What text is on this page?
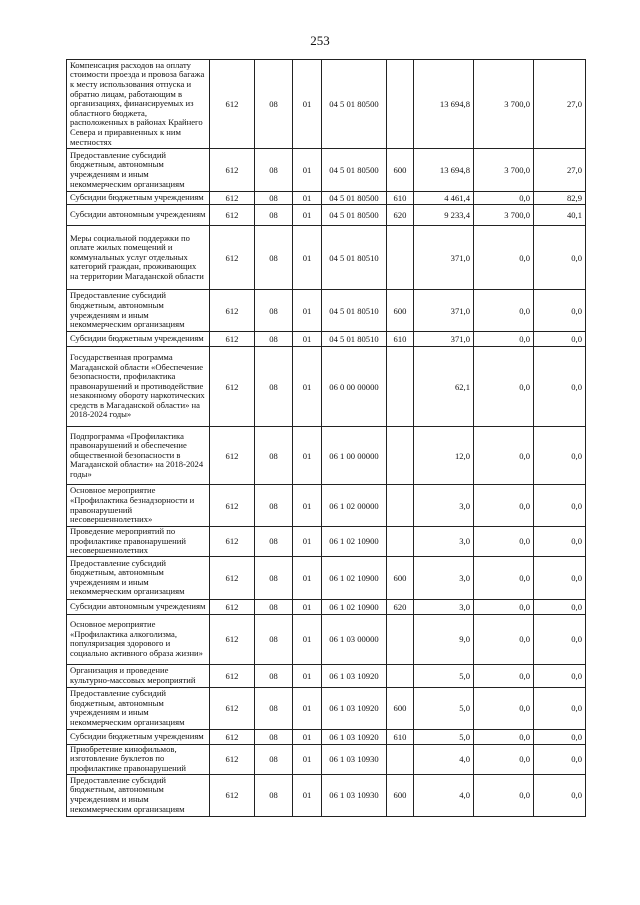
253
Компенсация расходов на оплату стоимости проезда и провоза багажа к месту использования отпуска и обратно лицам, работающим в организациях, финансируемых из областного бюджета, расположенных в районах Крайнего Севера и приравненных к ним местностях	612	08	01	04 5 01 80500		13 694,8	3 700,0	27,0
Предоставление субсидий бюджетным, автономным учреждениям и иным некоммерческим организациям	612	08	01	04 5 01 80500	600	13 694,8	3 700,0	27,0
Субсидии бюджетным учреждениям	612	08	01	04 5 01 80500	610	4 461,4	0,0	82,9
Субсидии автономным учреждениям	612	08	01	04 5 01 80500	620	9 233,4	3 700,0	40,1
Меры социальной поддержки по оплате жилых помещений и коммунальных услуг отдельных категорий граждан, проживающих на территории Магаданской области	612	08	01	04 5 01 80510		371,0	0,0	0,0
Предоставление субсидий бюджетным, автономным учреждениям и иным некоммерческим организациям	612	08	01	04 5 01 80510	600	371,0	0,0	0,0
Субсидии бюджетным учреждениям	612	08	01	04 5 01 80510	610	371,0	0,0	0,0
Государственная программа Магаданской области «Обеспечение безопасности, профилактика правонарушений и противодействие незаконному обороту наркотических средств в Магаданской области» на 2018-2024 годы»	612	08	01	06 0 00 00000		62,1	0,0	0,0
Подпрограмма «Профилактика правонарушений и обеспечение общественной безопасности в Магаданской области» на 2018-2024 годы»	612	08	01	06 1 00 00000		12,0	0,0	0,0
Основное мероприятие «Профилактика безнадзорности и правонарушений несовершеннолетних»	612	08	01	06 1 02 00000		3,0	0,0	0,0
Проведение мероприятий по профилактике правонарушений несовершеннолетних	612	08	01	06 1 02 10900		3,0	0,0	0,0
Предоставление субсидий бюджетным, автономным учреждениям и иным некоммерческим организациям	612	08	01	06 1 02 10900	600	3,0	0,0	0,0
Субсидии автономным учреждениям	612	08	01	06 1 02 10900	620	3,0	0,0	0,0
Основное мероприятие «Профилактика алкоголизма, популяризация здорового и социально активного образа жизни»	612	08	01	06 1 03 00000		9,0	0,0	0,0
Организация и проведение культурно-массовых мероприятий	612	08	01	06 1 03 10920		5,0	0,0	0,0
Предоставление субсидий бюджетным, автономным учреждениям и иным некоммерческим организациям	612	08	01	06 1 03 10920	600	5,0	0,0	0,0
Субсидии бюджетным учреждениям	612	08	01	06 1 03 10920	610	5,0	0,0	0,0
Приобретение кинофильмов, изготовление буклетов по профилактике правонарушений	612	08	01	06 1 03 10930		4,0	0,0	0,0
Предоставление субсидий бюджетным, автономным учреждениям и иным некоммерческим организациям	612	08	01	06 1 03 10930	600	4,0	0,0	0,0
